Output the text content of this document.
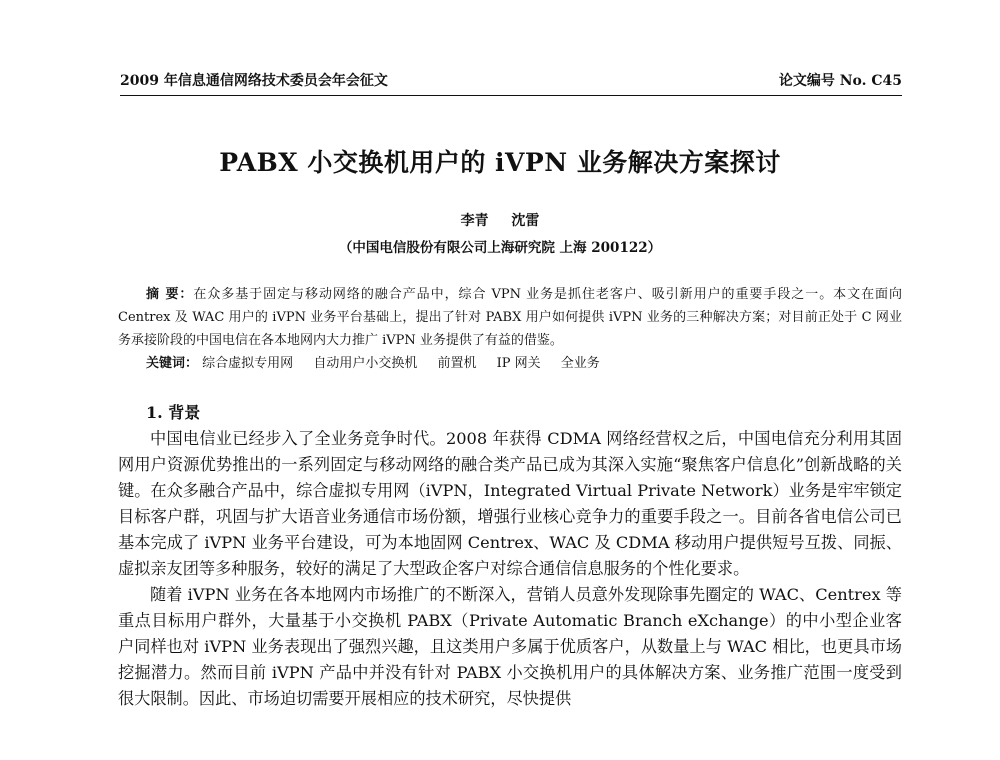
2009 年信息通信网络技术委员会年会征文	论文编号 No. C45
PABX 小交换机用户的 iVPN 业务解决方案探讨
李青 沈雷
（中国电信股份有限公司上海研究院 上海 200122）

摘 要：在众多基于固定与移动网络的融合产品中，综合 VPN 业务是抓住老客户、吸引新用户的重要手段之一。本文在面向 Centrex 及 WAC 用户的 iVPN 业务平台基础上，提出了针对 PABX 用户如何提供 iVPN 业务的三种解决方案；对目前正处于 C 网业务承接阶段的中国电信在各本地网内大力推广 iVPN 业务提供了有益的借鉴。

关键词： 综合虚拟专用网 自动用户小交换机 前置机 IP 网关 全业务
1. 背景

中国电信业已经步入了全业务竞争时代。2008 年获得 CDMA 网络经营权之后，中国电信充分利用其固网用户资源优势推出的一系列固定与移动网络的融合类产品已成为其深入实施“聚焦客户信息化”创新战略的关键。在众多融合产品中，综合虚拟专用网（iVPN，Integrated Virtual Private Network）业务是牢牢锁定目标客户群，巩固与扩大语音业务通信市场份额，增强行业核心竞争力的重要手段之一。目前各省电信公司已基本完成了 iVPN 业务平台建设，可为本地固网 Centrex、WAC 及 CDMA 移动用户提供短号互拨、同振、虚拟亲友团等多种服务，较好的满足了大型政企客户对综合通信信息服务的个性化要求。

随着 iVPN 业务在各本地网内市场推广的不断深入，营销人员意外发现除事先圈定的 WAC、Centrex 等重点目标用户群外，大量基于小交换机 PABX（Private Automatic Branch eXchange）的中小型企业客户同样也对 iVPN 业务表现出了强烈兴趣，且这类用户多属于优质客户，从数量上与 WAC 相比，也更具市场挖掘潜力。然而目前 iVPN 产品中并没有针对 PABX 小交换机用户的具体解决方案、业务推广范围一度受到很大限制。因此、市场迫切需要开展相应的技术研究，尽快提供
